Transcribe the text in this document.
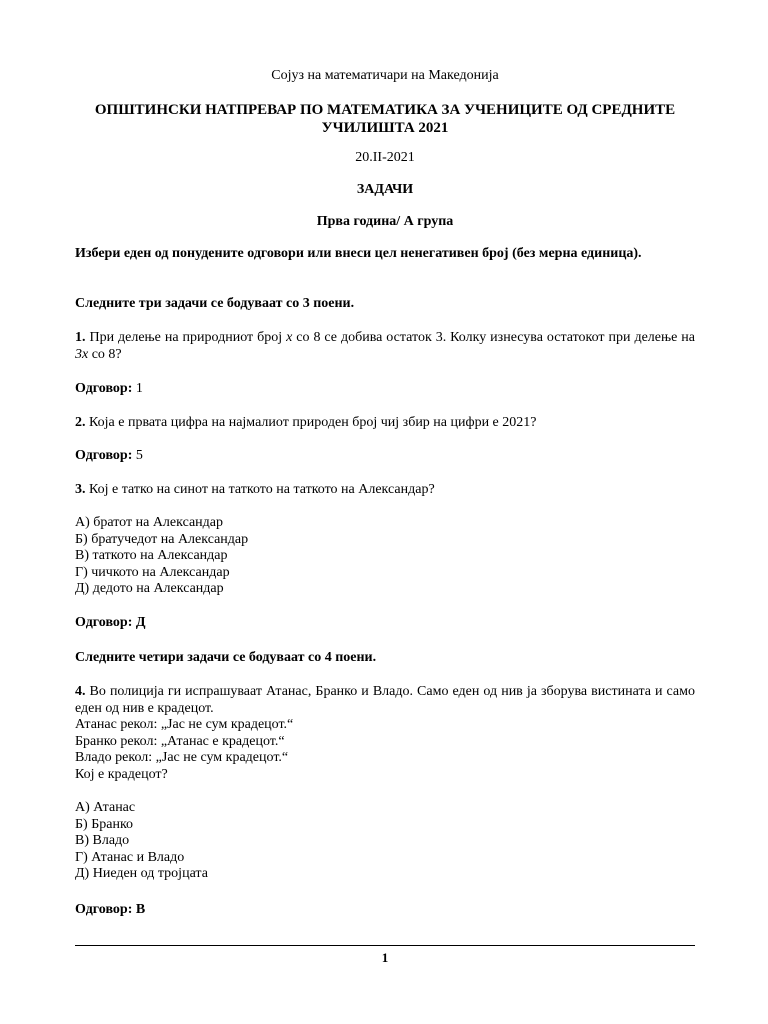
Сојуз на математичари на Македонија
ОПШТИНСКИ НАТПРЕВАР ПО МАТЕМАТИКА ЗА УЧЕНИЦИТЕ ОД СРЕДНИТЕ УЧИЛИШТА 2021
20.II-2021
ЗАДАЧИ
Прва година/ А група
Избери еден од понудените одговори или внеси цел ненегативен број (без мерна единица).
Следните три задачи се бодуваат со 3 поени.
1. При делење на природниот број x со 8 се добива остаток 3. Колку изнесува остатокот при делење на 3x со 8?
Одговор: 1
2. Која е првата цифра на најмалиот природен број чиј збир на цифри е 2021?
Одговор: 5
3. Кој е татко на синот на таткото на таткото на Александар?
А) братот на Александар
Б) братучедот на Александар
В) таткото на Александар
Г) чичкото на Александар
Д) дедото на Александар
Одговор: Д
Следните четири задачи се бодуваат со 4 поени.
4. Во полиција ги испрашуваат Атанас, Бранко и Владо. Само еден од нив ја зборува вистината и само еден од нив е крадецот.
Атанас рекол: „Јас не сум крадецот.“
Бранко рекол: „Атанас е крадецот.“
Владо рекол: „Јас не сум крадецот.“
Кој е крадецот?
А) Атанас
Б) Бранко
В) Владо
Г) Атанас и Владо
Д) Ниеден од тројцата
Одговор: В
1
